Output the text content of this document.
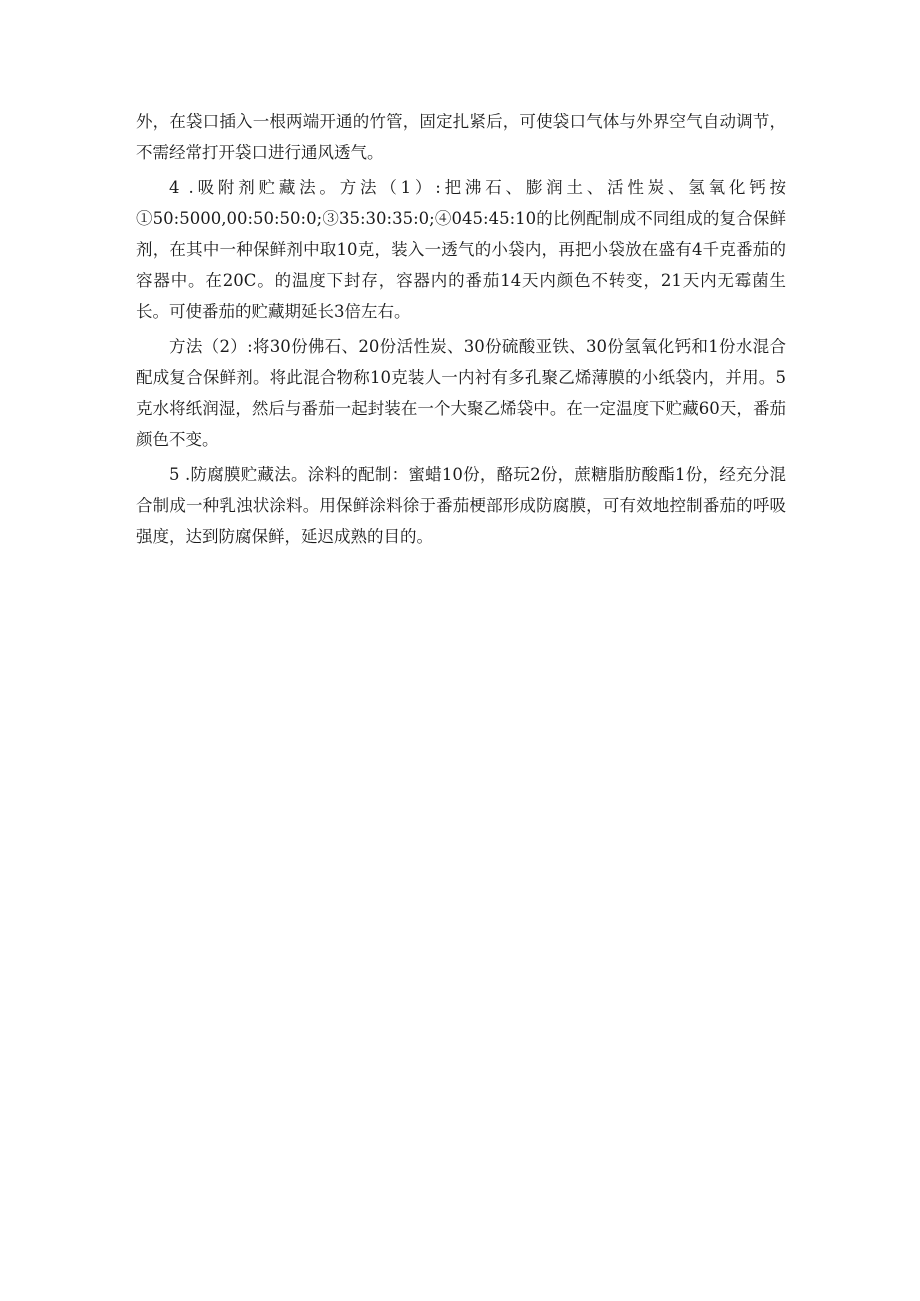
外，在袋口插入一根两端开通的竹管，固定扎紧后，可使袋口气体与外界空气自动调节，不需经常打开袋口进行通风透气。

4 .吸附剂贮藏法。方法（1）:把沸石、膨润土、活性炭、氢氧化钙按①50:5000,00:50:50:0;③35:30:35:0;④045:45:10的比例配制成不同组成的复合保鲜剂，在其中一种保鲜剂中取10克，装入一透气的小袋内，再把小袋放在盛有4千克番茄的容器中。在20C。的温度下封存，容器内的番茄14天内颜色不转变，21天内无霉菌生长。可使番茄的贮藏期延长3倍左右。

方法（2）:将30份佛石、20份活性炭、30份硫酸亚铁、30份氢氧化钙和1份水混合配成复合保鲜剂。将此混合物称10克装人一内衬有多孔聚乙烯薄膜的小纸袋内，并用。5克水将纸润湿，然后与番茄一起封装在一个大聚乙烯袋中。在一定温度下贮藏60天，番茄颜色不变。

5 .防腐膜贮藏法。涂料的配制：蜜蜡10份，酪玩2份，蔗糖脂肪酸酯1份，经充分混合制成一种乳浊状涂料。用保鲜涂料徐于番茄梗部形成防腐膜，可有效地控制番茄的呼吸强度，达到防腐保鲜，延迟成熟的目的。
